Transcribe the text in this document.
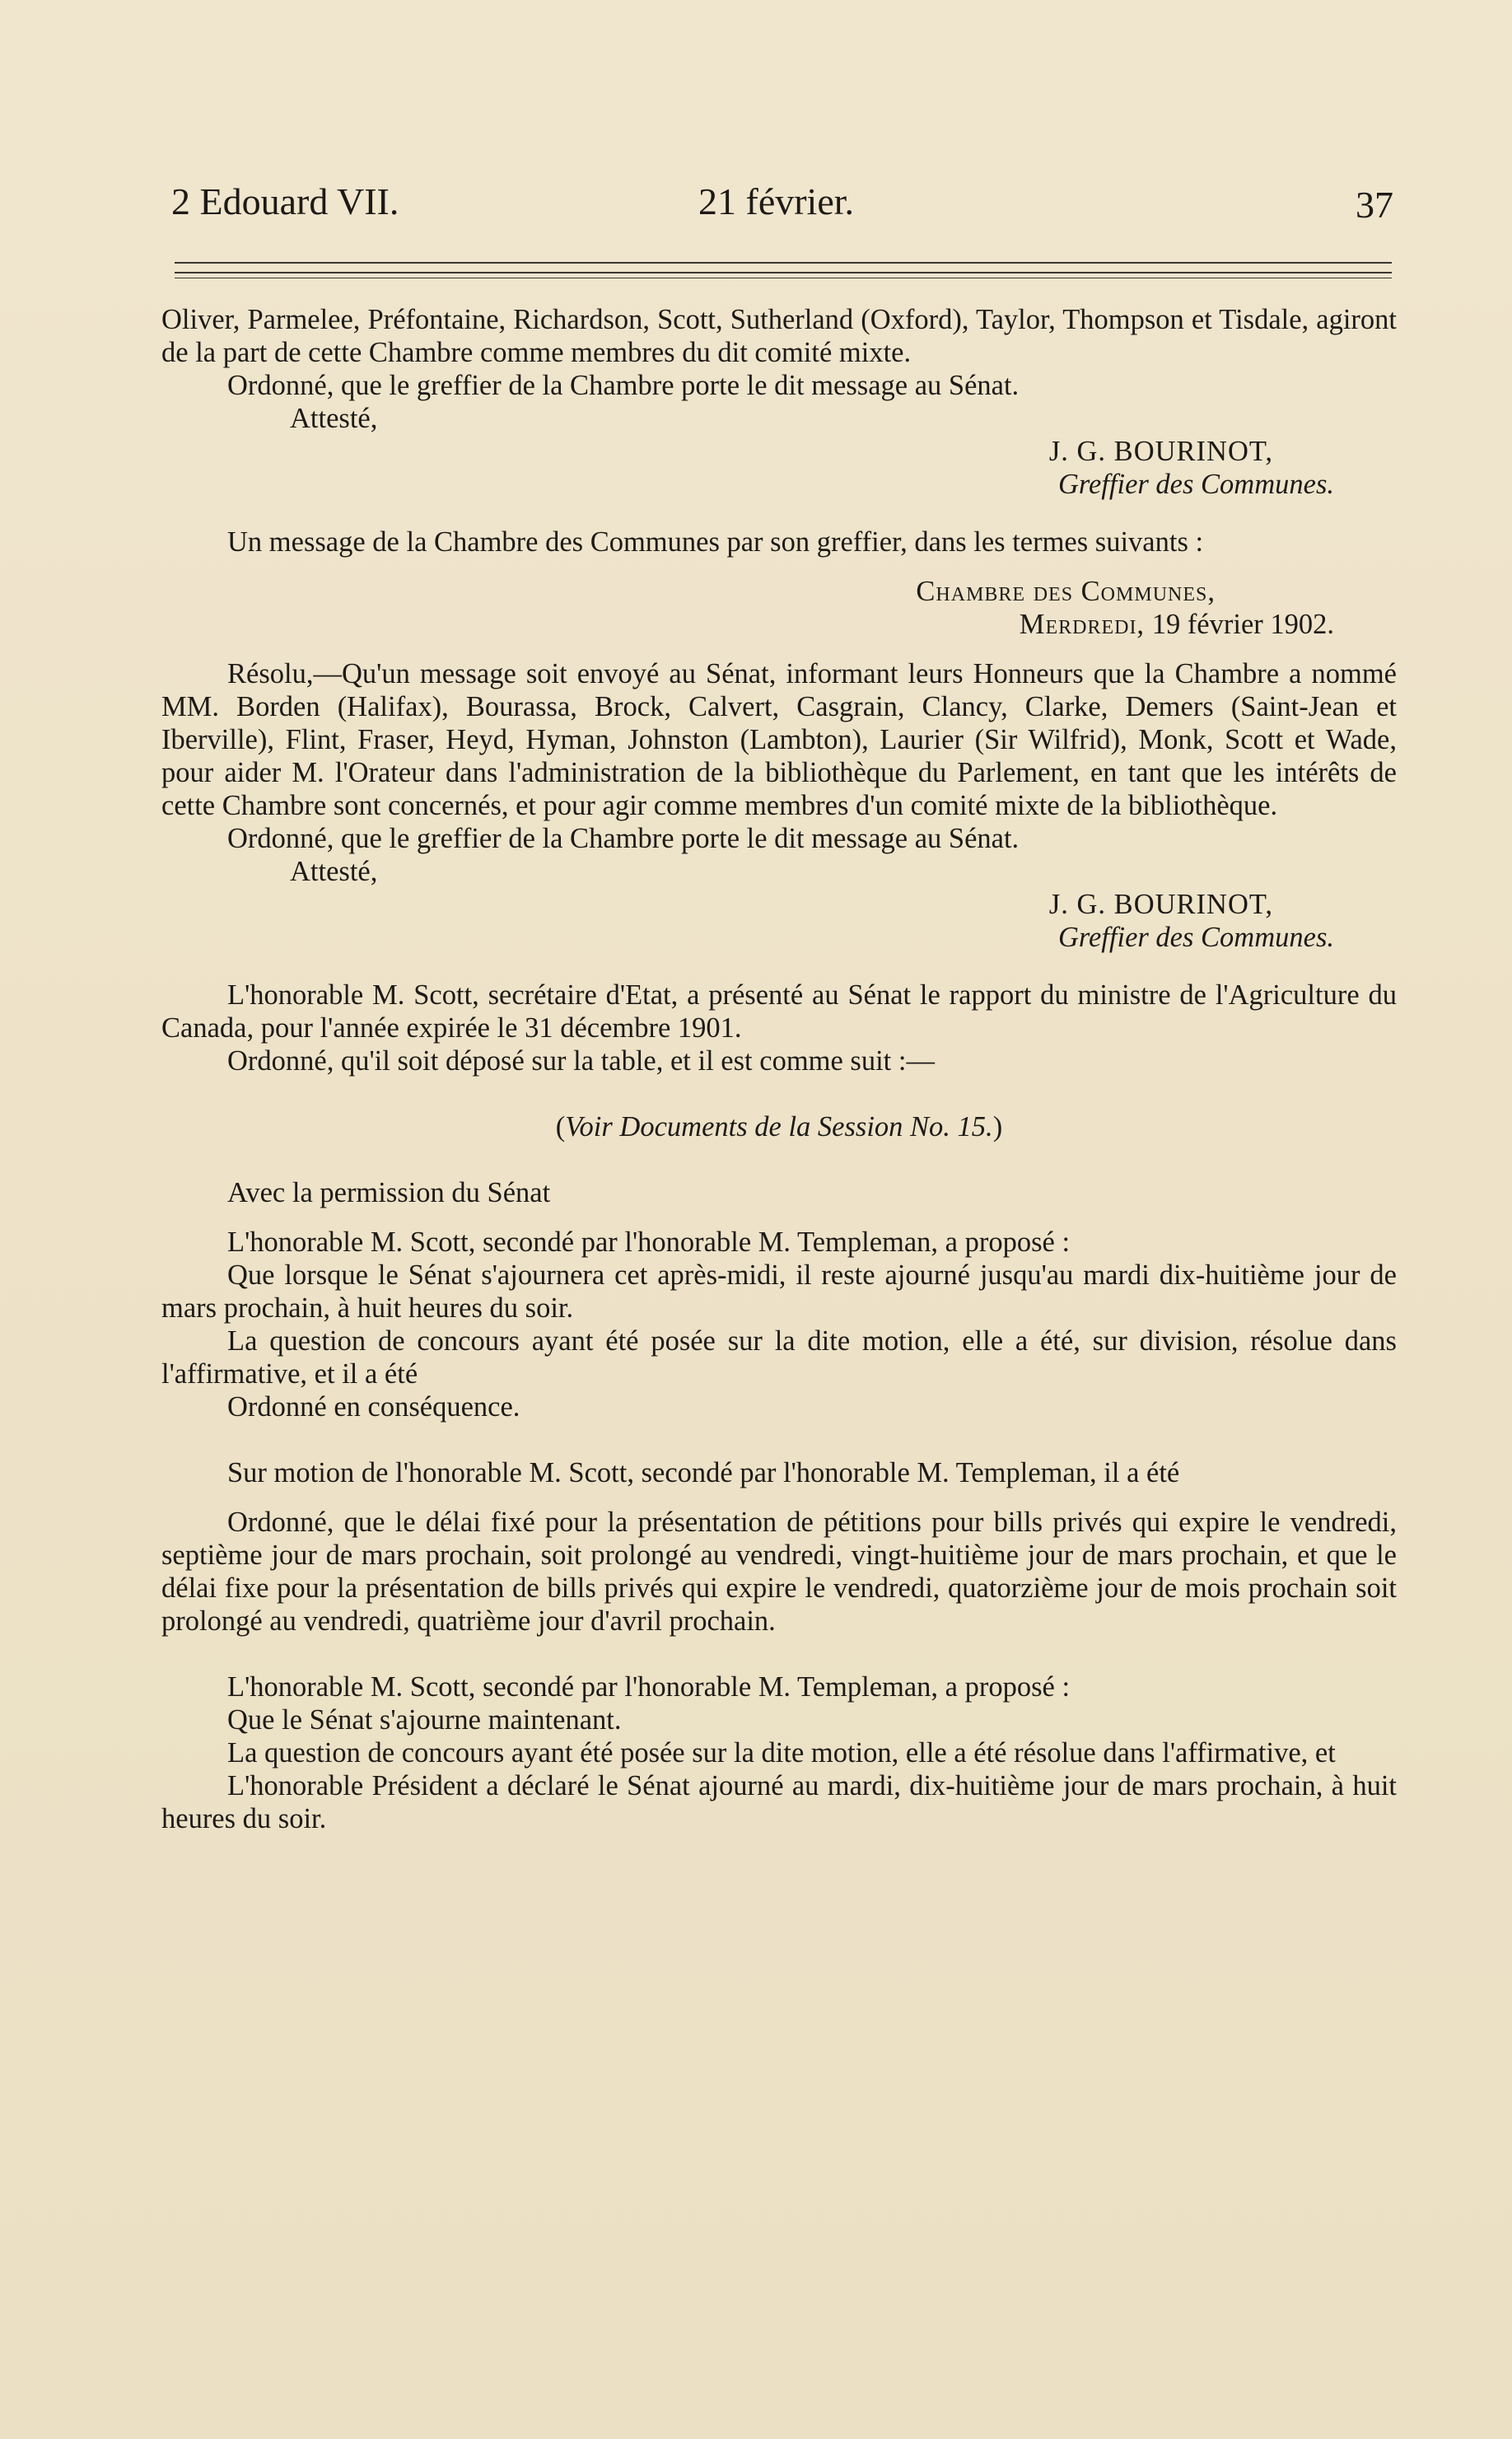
2 Edouard VII.	21 février.	37

Oliver, Parmelee, Préfontaine, Richardson, Scott, Sutherland (Oxford), Taylor, Thompson et Tisdale, agiront de la part de cette Chambre comme membres du dit comité mixte.

Ordonné, que le greffier de la Chambre porte le dit message au Sénat.

Attesté,

J. G. BOURINOT,

Greffier des Communes.

Un message de la Chambre des Communes par son greffier, dans les termes suivants :

Chambre des Communes,

Merdredi, 19 février 1902.

Résolu,—Qu'un message soit envoyé au Sénat, informant leurs Honneurs que la Chambre a nommé MM. Borden (Halifax), Bourassa, Brock, Calvert, Casgrain, Clancy, Clarke, Demers (Saint-Jean et Iberville), Flint, Fraser, Heyd, Hyman, Johnston (Lambton), Laurier (Sir Wilfrid), Monk, Scott et Wade, pour aider M. l'Orateur dans l'administration de la bibliothèque du Parlement, en tant que les intérêts de cette Chambre sont concernés, et pour agir comme membres d'un comité mixte de la bibliothèque.

Ordonné, que le greffier de la Chambre porte le dit message au Sénat.

Attesté,

J. G. BOURINOT,

Greffier des Communes.

L'honorable M. Scott, secrétaire d'Etat, a présenté au Sénat le rapport du ministre de l'Agriculture du Canada, pour l'année expirée le 31 décembre 1901.

Ordonné, qu'il soit déposé sur la table, et il est comme suit :—

(Voir Documents de la Session No. 15.)

Avec la permission du Sénat

L'honorable M. Scott, secondé par l'honorable M. Templeman, a proposé :

Que lorsque le Sénat s'ajournera cet après-midi, il reste ajourné jusqu'au mardi dix-huitième jour de mars prochain, à huit heures du soir.

La question de concours ayant été posée sur la dite motion, elle a été, sur division, résolue dans l'affirmative, et il a été

Ordonné en conséquence.

Sur motion de l'honorable M. Scott, secondé par l'honorable M. Templeman, il a été

Ordonné, que le délai fixé pour la présentation de pétitions pour bills privés qui expire le vendredi, septième jour de mars prochain, soit prolongé au vendredi, vingt-huitième jour de mars prochain, et que le délai fixe pour la présentation de bills privés qui expire le vendredi, quatorzième jour de mois prochain soit prolongé au vendredi, quatrième jour d'avril prochain.

L'honorable M. Scott, secondé par l'honorable M. Templeman, a proposé :

Que le Sénat s'ajourne maintenant.

La question de concours ayant été posée sur la dite motion, elle a été résolue dans l'affirmative, et

L'honorable Président a déclaré le Sénat ajourné au mardi, dix-huitième jour de mars prochain, à huit heures du soir.
